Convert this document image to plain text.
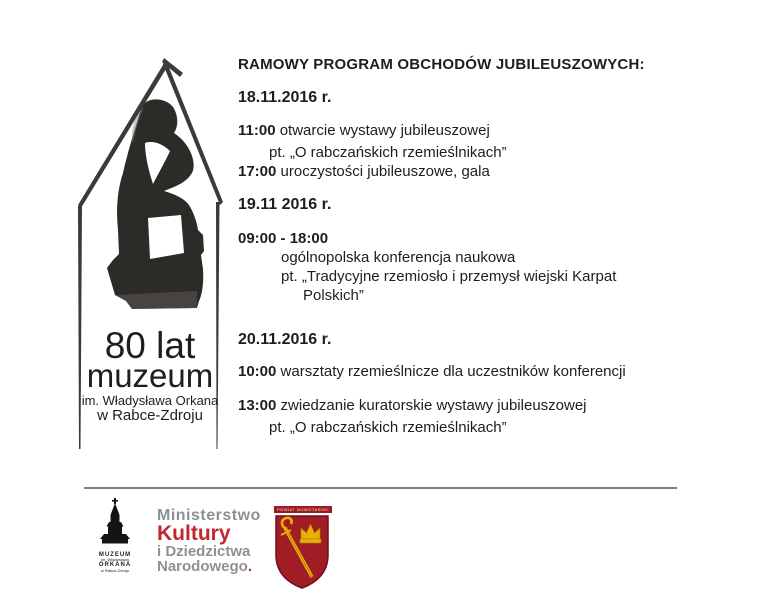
80 lat
muzeum
im. Władysława Orkana
w Rabce-Zdroju
RAMOWY PROGRAM OBCHODÓW JUBILEUSZOWYCH:
18.11.2016 r.
11:00 otwarcie wystawy jubileuszowej
pt. „O rabczańskich rzemieślnikach”
17:00 uroczystości jubileuszowe, gala
19.11 2016 r.
09:00 - 18:00
ogólnopolska konferencja naukowa
pt. „Tradycyjne rzemiosło i przemysł wiejski Karpat
Polskich”
20.11.2016 r.
10:00 warsztaty rzemieślnicze dla uczestników konferencji
13:00 zwiedzanie kuratorskie wystawy jubileuszowej
pt. „O rabczańskich rzemieślnikach”
MUZEUM
im. Władysława
ORKANA
w Rabce-Zdroju
Ministerstwo
Kultury
i Dziedzictwa
Narodowego.
POWIAT NOWOTARSKI
